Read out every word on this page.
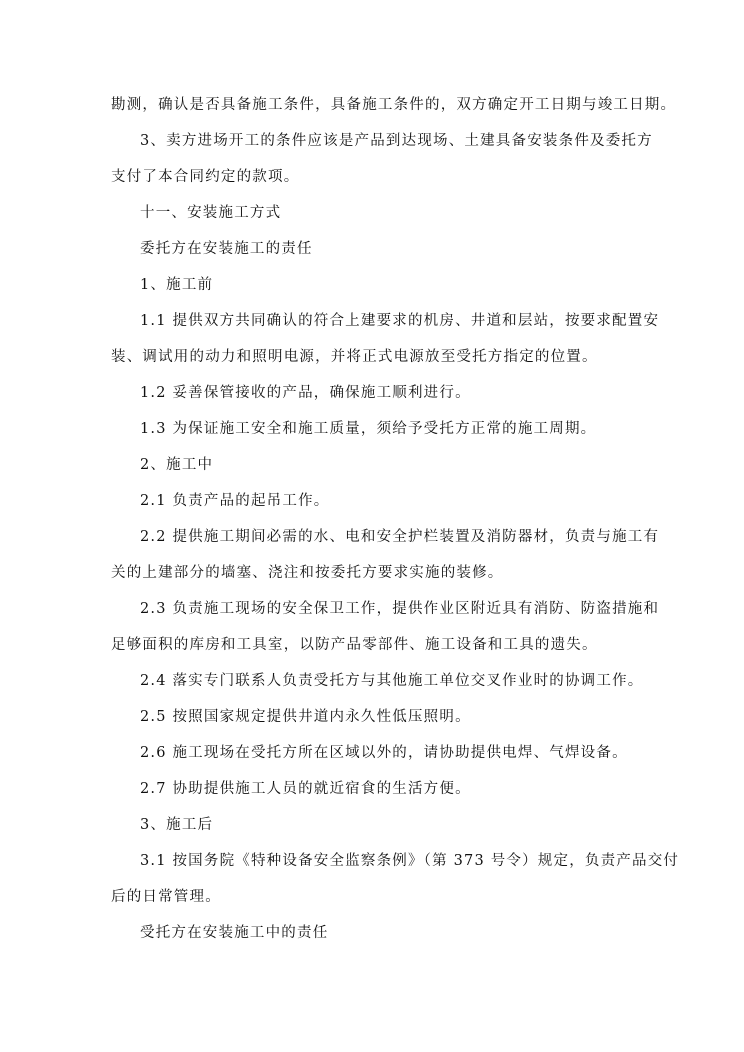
勘测，确认是否具备施工条件，具备施工条件的，双方确定开工日期与竣工日期。
3、卖方进场开工的条件应该是产品到达现场、土建具备安装条件及委托方
支付了本合同约定的款项。
十一、安装施工方式
委托方在安装施工的责任
1、施工前
1.1 提供双方共同确认的符合上建要求的机房、井道和层站，按要求配置安
装、调试用的动力和照明电源，并将正式电源放至受托方指定的位置。
1.2 妥善保管接收的产品，确保施工顺利进行。
1.3 为保证施工安全和施工质量，须给予受托方正常的施工周期。
2、施工中
2.1 负责产品的起吊工作。
2.2 提供施工期间必需的水、电和安全护栏装置及消防器材，负责与施工有
关的上建部分的墙塞、浇注和按委托方要求实施的装修。
2.3 负责施工现场的安全保卫工作，提供作业区附近具有消防、防盗措施和
足够面积的库房和工具室，以防产品零部件、施工设备和工具的遗失。
2.4 落实专门联系人负责受托方与其他施工单位交叉作业时的协调工作。
2.5 按照国家规定提供井道内永久性低压照明。
2.6 施工现场在受托方所在区域以外的，请协助提供电焊、气焊设备。
2.7 协助提供施工人员的就近宿食的生活方便。
3、施工后
3.1 按国务院《特种设备安全监察条例》（第 373 号令）规定，负责产品交付
后的日常管理。
受托方在安装施工中的责任
